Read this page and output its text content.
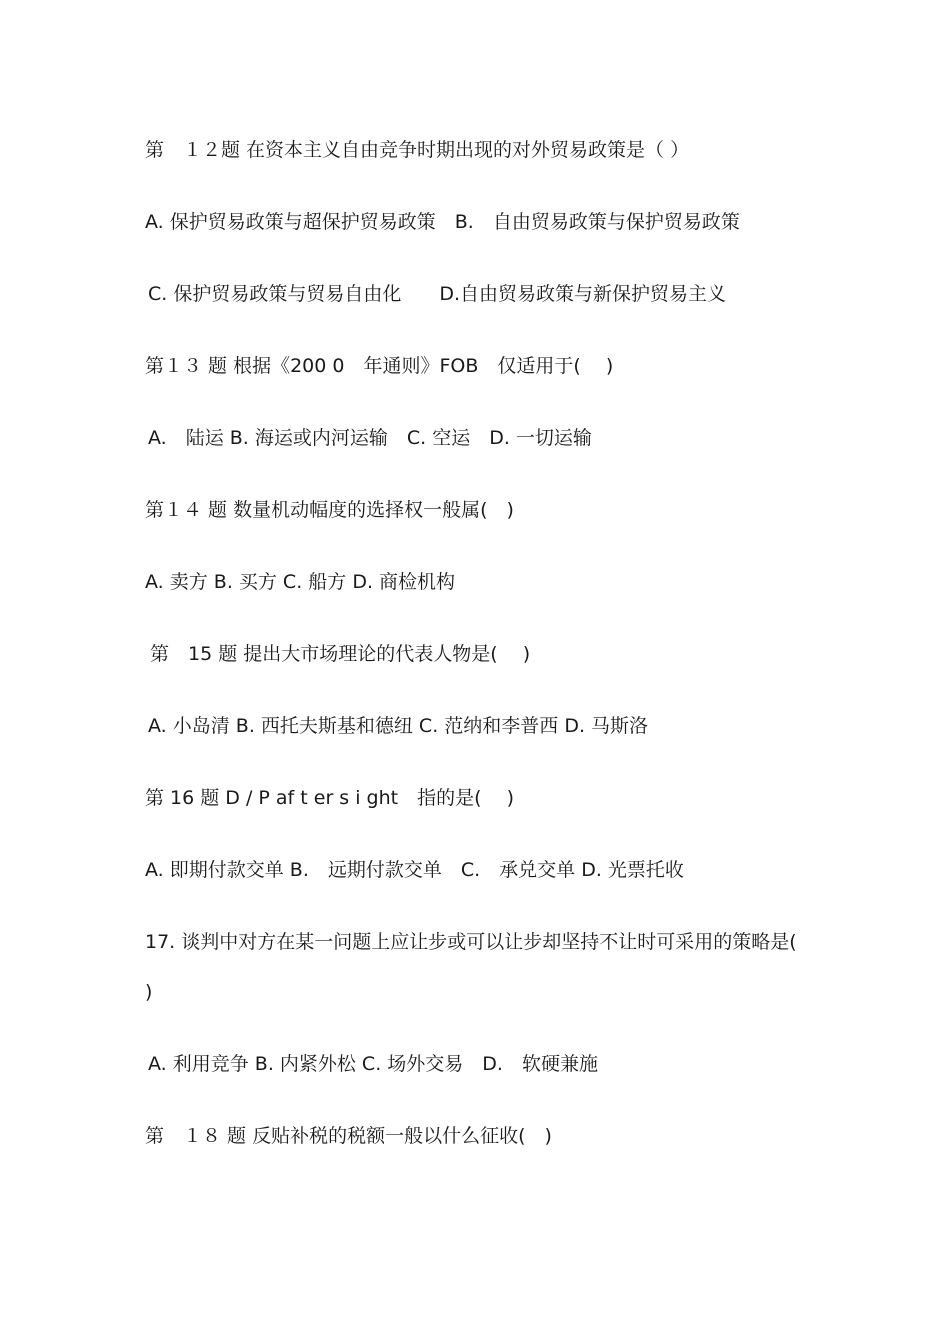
第　１２题 在资本主义自由竞争时期出现的对外贸易政策是（ ）
A. 保护贸易政策与超保护贸易政策　B.　自由贸易政策与保护贸易政策
C. 保护贸易政策与贸易自由化　　D.自由贸易政策与新保护贸易主义
第１３ 题 根据《200 0　年通则》FOB　仅适用于(　 )
A.　陆运 B. 海运或内河运输　C. 空运　D. 一切运输
第１４ 题 数量机动幅度的选择权一般属(　)
A. 卖方 B. 买方 C. 船方 D. 商检机构
第　15 题 提出大市场理论的代表人物是(　 )
A. 小岛清 B. 西托夫斯基和德纽 C. 范纳和李普西 D. 马斯洛
第 16 题 D / P af t er s i ght　指的是(　 )
A. 即期付款交单 B.　远期付款交单　C.　承兑交单 D. 光票托收
17. 谈判中对方在某一问题上应让步或可以让步却坚持不让时可采用的策略是(
)
A. 利用竞争 B. 内紧外松 C. 场外交易　D.　软硬兼施
第　１８ 题 反贴补税的税额一般以什么征收(　)
